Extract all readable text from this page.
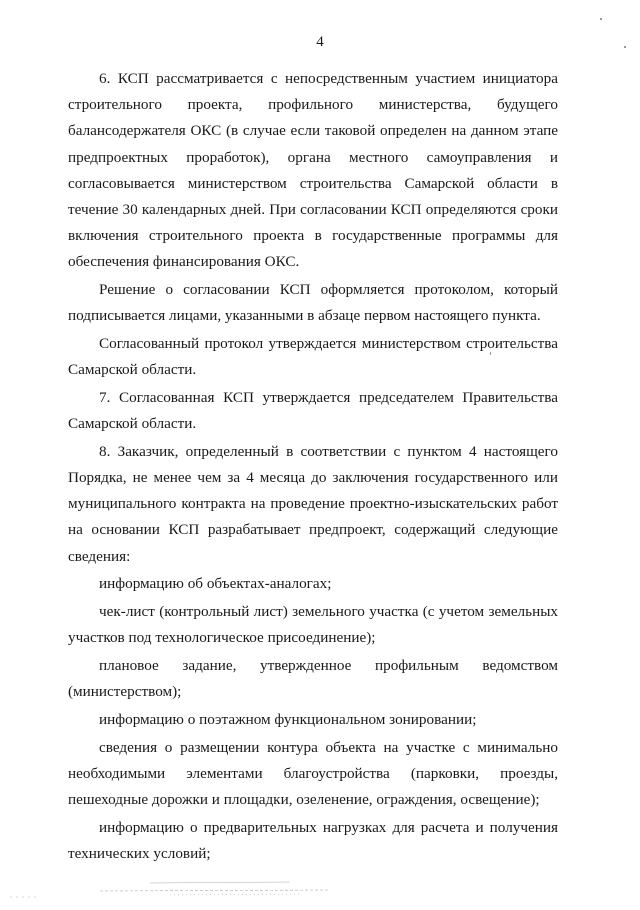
4

6. КСП рассматривается с непосредственным участием инициатора строительного проекта, профильного министерства, будущего балансодержателя ОКС (в случае если таковой определен на данном этапе предпроектных проработок), органа местного самоуправления и согласовывается министерством строительства Самарской области в течение 30 календарных дней. При согласовании КСП определяются сроки включения строительного проекта в государственные программы для обеспечения финансирования ОКС.

Решение о согласовании КСП оформляется протоколом, который подписывается лицами, указанными в абзаце первом настоящего пункта.

Согласованный протокол утверждается министерством строительства Самарской области.

7. Согласованная КСП утверждается председателем Правительства Самарской области.

8. Заказчик, определенный в соответствии с пунктом 4 настоящего Порядка, не менее чем за 4 месяца до заключения государственного или муниципального контракта на проведение проектно-изыскательских работ на основании КСП разрабатывает предпроект, содержащий следующие сведения:

информацию об объектах-аналогах;

чек-лист (контрольный лист) земельного участка (с учетом земельных участков под технологическое присоединение);

плановое задание, утвержденное профильным ведомством (министерством);

информацию о поэтажном функциональном зонировании;

сведения о размещении контура объекта на участке с минимально необходимыми элементами благоустройства (парковки, проезды, пешеходные дорожки и площадки, озеленение, ограждения, освещение);

информацию о предварительных нагрузках для расчета и получения технических условий;
